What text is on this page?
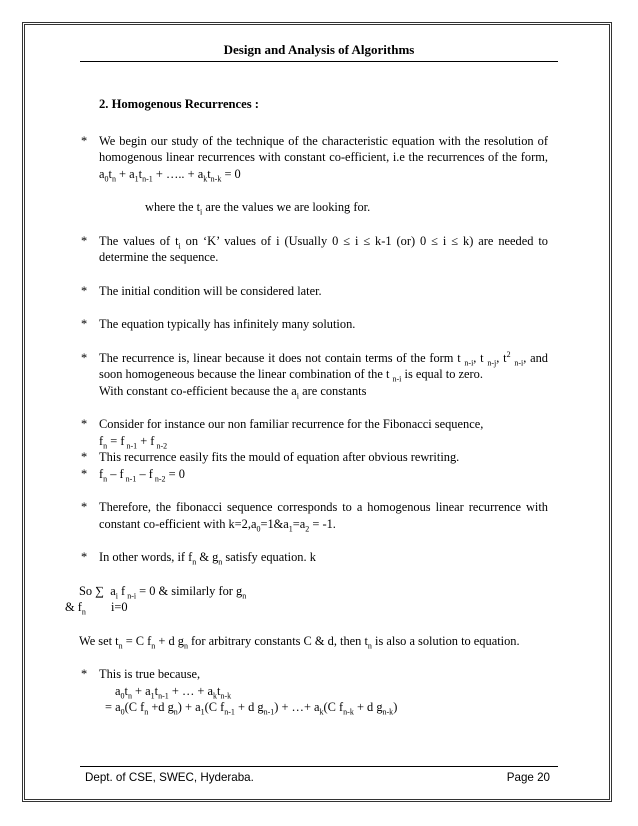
Design and Analysis of Algorithms
2. Homogenous Recurrences :
* We begin our study of the technique of the characteristic equation with the resolution of homogenous linear recurrences with constant co-efficient, i.e the recurrences of the form, $a_0t_n + a_1t_{n-1}$ + ….. + $a_kt_{n-k} = 0$

where the $t_i$ are the values we are looking for.

* The values of $t_i$ on ‘K’ values of i (Usually 0 ≤ i ≤ k-1 (or) 0 ≤ i ≤ k) are needed to determine the sequence.

* The initial condition will be considered later.

* The equation typically has infinitely many solution.

* The recurrence is, linear because it does not contain terms of the form t $_{n-i}$, t $_{n-j}$, $t^2$ $_{n-i}$, and soon homogeneous because the linear combination of the t $_{n-i}$ is equal to zero.
With constant co-efficient because the $a_i$ are constants

* Consider for instance our non familiar recurrence for the Fibonacci sequence,
$f_n = f$ $_{n-1}$ + f $_{n-2}$

* This recurrence easily fits the mould of equation after obvious rewriting.

* $f_n$ – f $_{n-1}$ – f $_{n-2}$ = 0

* Therefore, the fibonacci sequence corresponds to a homogenous linear recurrence with constant co-efficient with $k=2,a_0=1\&a_1=a_2 = -1$.

* In other words, if $f_n$ & $g_n$ satisfy equation. k

So ∑  $a_i$ f $_{n-i}$ = 0 & similarly for $g_n$

& $f_n$ i=0

We set $t_n = C$ $f_n + d$ $g_n$ for arbitrary constants C & d, then $t_n$ is also a solution to equation.

* This is true because,

$a_0t_n + a_1t_{n-1}$ + … + $a_kt_{n-k}$

= $a_0(C$ $f_n +d$ $g_n) + a_1(C$ $f_{n-1} + d$ $g_{n-1}$) + …+ $a_k(C$ $f_{n-k} + d$ $g_{n-k}$)

Dept. of CSE, SWEC, Hyderaba.	Page 20
